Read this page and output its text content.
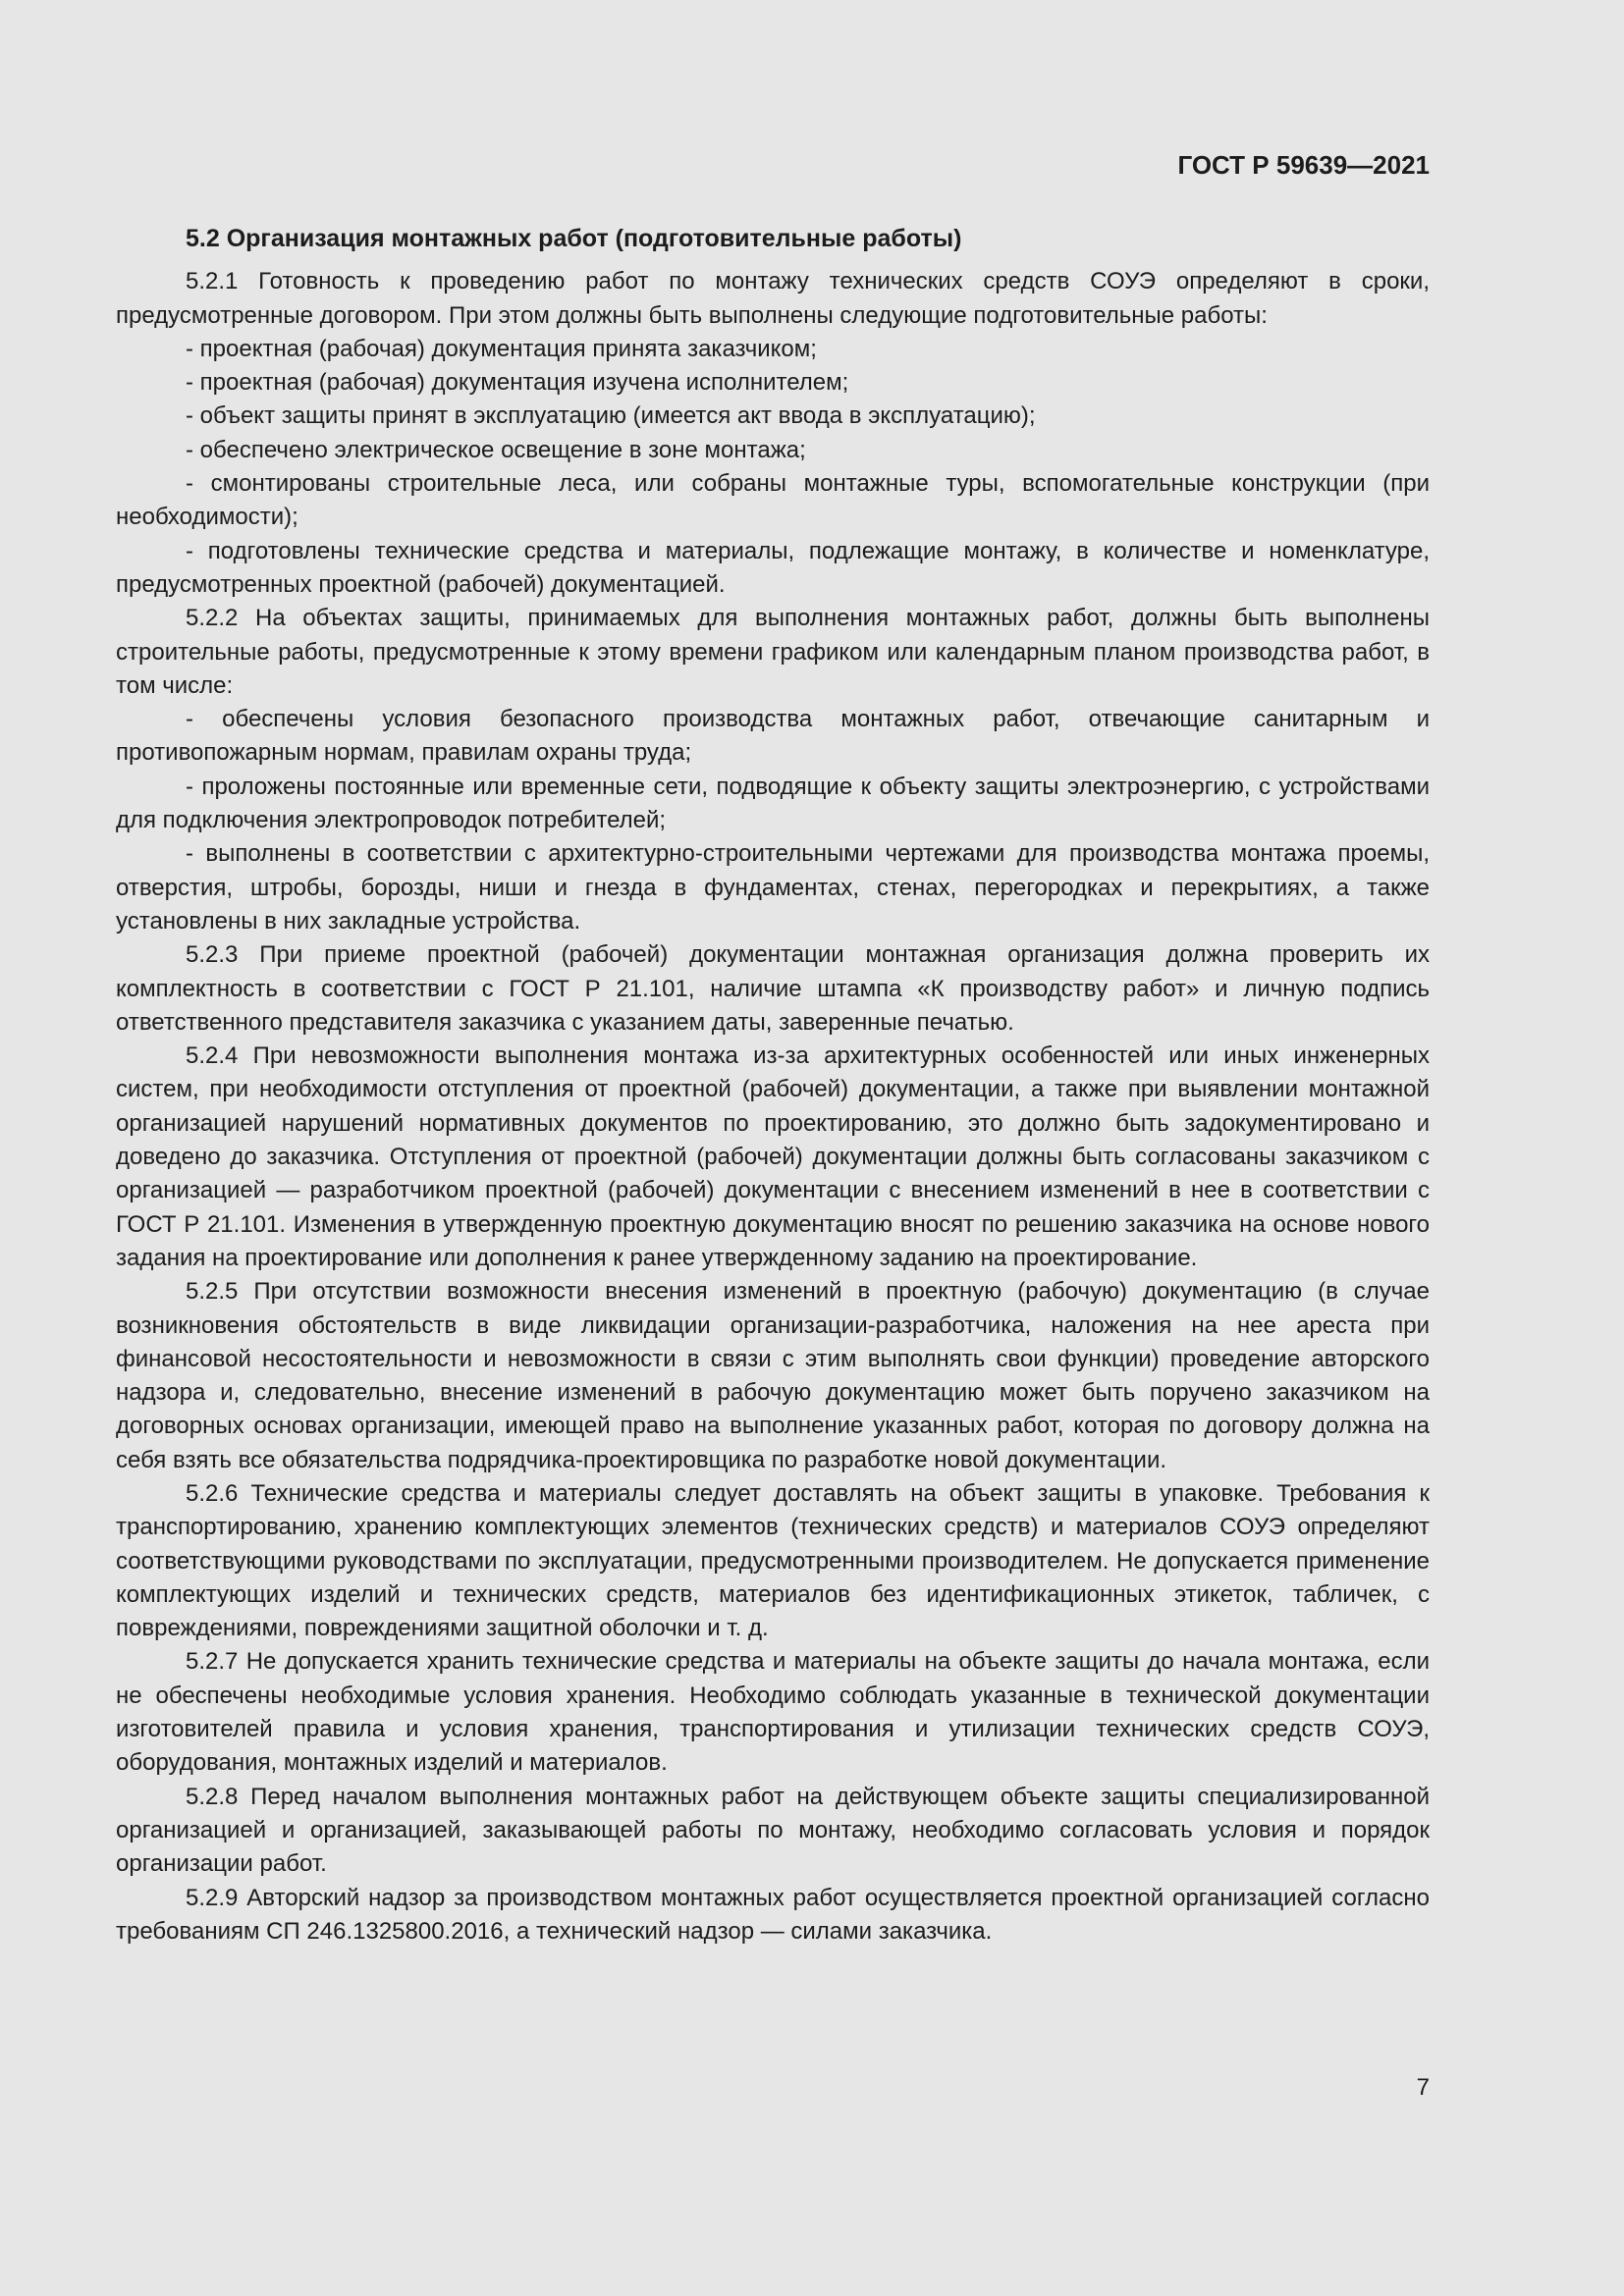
ГОСТ Р 59639—2021
5.2 Организация монтажных работ (подготовительные работы)

5.2.1 Готовность к проведению работ по монтажу технических средств СОУЭ определяют в сроки, предусмотренные договором. При этом должны быть выполнены следующие подготовительные работы:

- проектная (рабочая) документация принята заказчиком;

- проектная (рабочая) документация изучена исполнителем;

- объект защиты принят в эксплуатацию (имеется акт ввода в эксплуатацию);

- обеспечено электрическое освещение в зоне монтажа;

- смонтированы строительные леса, или собраны монтажные туры, вспомогательные конструкции (при необходимости);

- подготовлены технические средства и материалы, подлежащие монтажу, в количестве и номенклатуре, предусмотренных проектной (рабочей) документацией.

5.2.2 На объектах защиты, принимаемых для выполнения монтажных работ, должны быть выполнены строительные работы, предусмотренные к этому времени графиком или календарным планом производства работ, в том числе:

- обеспечены условия безопасного производства монтажных работ, отвечающие санитарным и противопожарным нормам, правилам охраны труда;

- проложены постоянные или временные сети, подводящие к объекту защиты электроэнергию, с устройствами для подключения электропроводок потребителей;

- выполнены в соответствии с архитектурно-строительными чертежами для производства монтажа проемы, отверстия, штробы, борозды, ниши и гнезда в фундаментах, стенах, перегородках и перекрытиях, а также установлены в них закладные устройства.

5.2.3 При приеме проектной (рабочей) документации монтажная организация должна проверить их комплектность в соответствии с ГОСТ Р 21.101, наличие штампа «К производству работ» и личную подпись ответственного представителя заказчика с указанием даты, заверенные печатью.

5.2.4 При невозможности выполнения монтажа из-за архитектурных особенностей или иных инженерных систем, при необходимости отступления от проектной (рабочей) документации, а также при выявлении монтажной организацией нарушений нормативных документов по проектированию, это должно быть задокументировано и доведено до заказчика. Отступления от проектной (рабочей) документации должны быть согласованы заказчиком с организацией — разработчиком проектной (рабочей) документации с внесением изменений в нее в соответствии с ГОСТ Р 21.101. Изменения в утвержденную проектную документацию вносят по решению заказчика на основе нового задания на проектирование или дополнения к ранее утвержденному заданию на проектирование.

5.2.5 При отсутствии возможности внесения изменений в проектную (рабочую) документацию (в случае возникновения обстоятельств в виде ликвидации организации-разработчика, наложения на нее ареста при финансовой несостоятельности и невозможности в связи с этим выполнять свои функции) проведение авторского надзора и, следовательно, внесение изменений в рабочую документацию может быть поручено заказчиком на договорных основах организации, имеющей право на выполнение указанных работ, которая по договору должна на себя взять все обязательства подрядчика-проектировщика по разработке новой документации.

5.2.6 Технические средства и материалы следует доставлять на объект защиты в упаковке. Требования к транспортированию, хранению комплектующих элементов (технических средств) и материалов СОУЭ определяют соответствующими руководствами по эксплуатации, предусмотренными производителем. Не допускается применение комплектующих изделий и технических средств, материалов без идентификационных этикеток, табличек, с повреждениями, повреждениями защитной оболочки и т. д.

5.2.7 Не допускается хранить технические средства и материалы на объекте защиты до начала монтажа, если не обеспечены необходимые условия хранения. Необходимо соблюдать указанные в технической документации изготовителей правила и условия хранения, транспортирования и утилизации технических средств СОУЭ, оборудования, монтажных изделий и материалов.

5.2.8 Перед началом выполнения монтажных работ на действующем объекте защиты специализированной организацией и организацией, заказывающей работы по монтажу, необходимо согласовать условия и порядок организации работ.

5.2.9 Авторский надзор за производством монтажных работ осуществляется проектной организацией согласно требованиям СП 246.1325800.2016, а технический надзор — силами заказчика.

7
